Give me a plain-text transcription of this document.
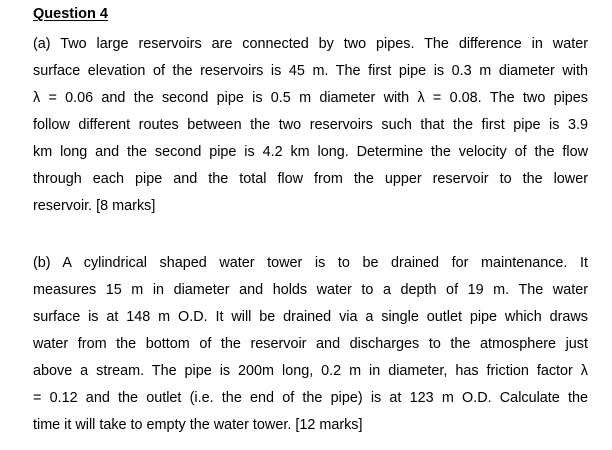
Question 4
(a) Two large reservoirs are connected by two pipes. The difference in water
surface elevation of the reservoirs is 45 m. The first pipe is 0.3 m diameter with
λ = 0.06 and the second pipe is 0.5 m diameter with λ = 0.08. The two pipes
follow different routes between the two reservoirs such that the first pipe is 3.9
km long and the second pipe is 4.2 km long. Determine the velocity of the flow
through each pipe and the total flow from the upper reservoir to the lower
reservoir. [8 marks]
(b) A cylindrical shaped water tower is to be drained for maintenance. It
measures 15 m in diameter and holds water to a depth of 19 m. The water
surface is at 148 m O.D. It will be drained via a single outlet pipe which draws
water from the bottom of the reservoir and discharges to the atmosphere just
above a stream. The pipe is 200m long, 0.2 m in diameter, has friction factor λ
= 0.12 and the outlet (i.e. the end of the pipe) is at 123 m O.D. Calculate the
time it will take to empty the water tower. [12 marks]
